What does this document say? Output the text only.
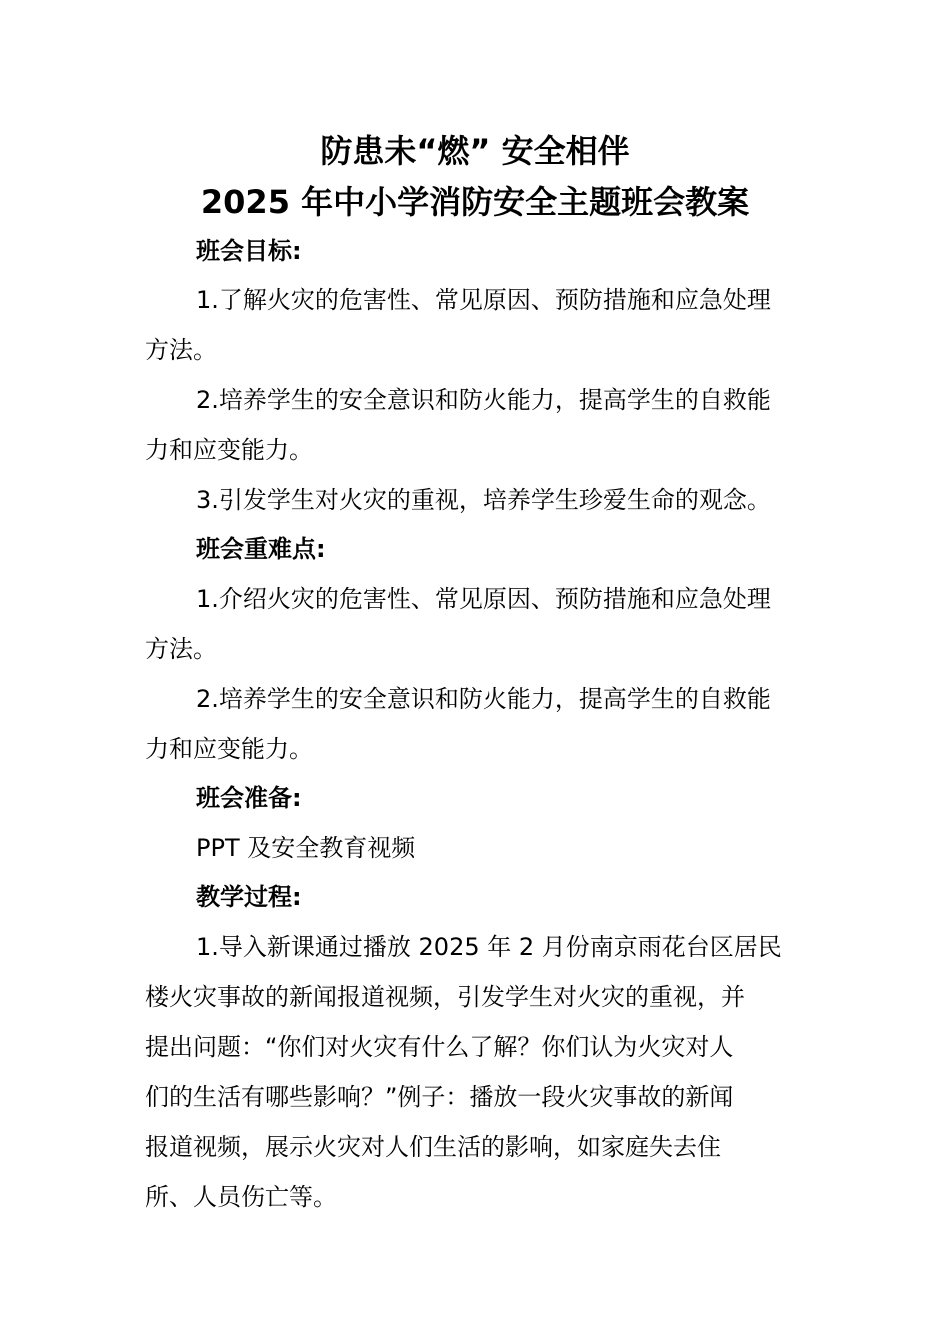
防患未“燃” 安全相伴
2025 年中小学消防安全主题班会教案
班会目标:
1.了解火灾的危害性、常见原因、预防措施和应急处理
方法。
2.培养学生的安全意识和防火能力，提高学生的自救能
力和应变能力。
3.引发学生对火灾的重视，培养学生珍爱生命的观念。
班会重难点:
1.介绍火灾的危害性、常见原因、预防措施和应急处理
方法。
2.培养学生的安全意识和防火能力，提高学生的自救能
力和应变能力。
班会准备:
PPT 及安全教育视频
教学过程:
1.导入新课通过播放 2025 年 2 月份南京雨花台区居民
楼火灾事故的新闻报道视频，引发学生对火灾的重视，并
提出问题：“你们对火灾有什么了解？你们认为火灾对人
们的生活有哪些影响？”例子：播放一段火灾事故的新闻
报道视频，展示火灾对人们生活的影响，如家庭失去住
所、人员伤亡等。
